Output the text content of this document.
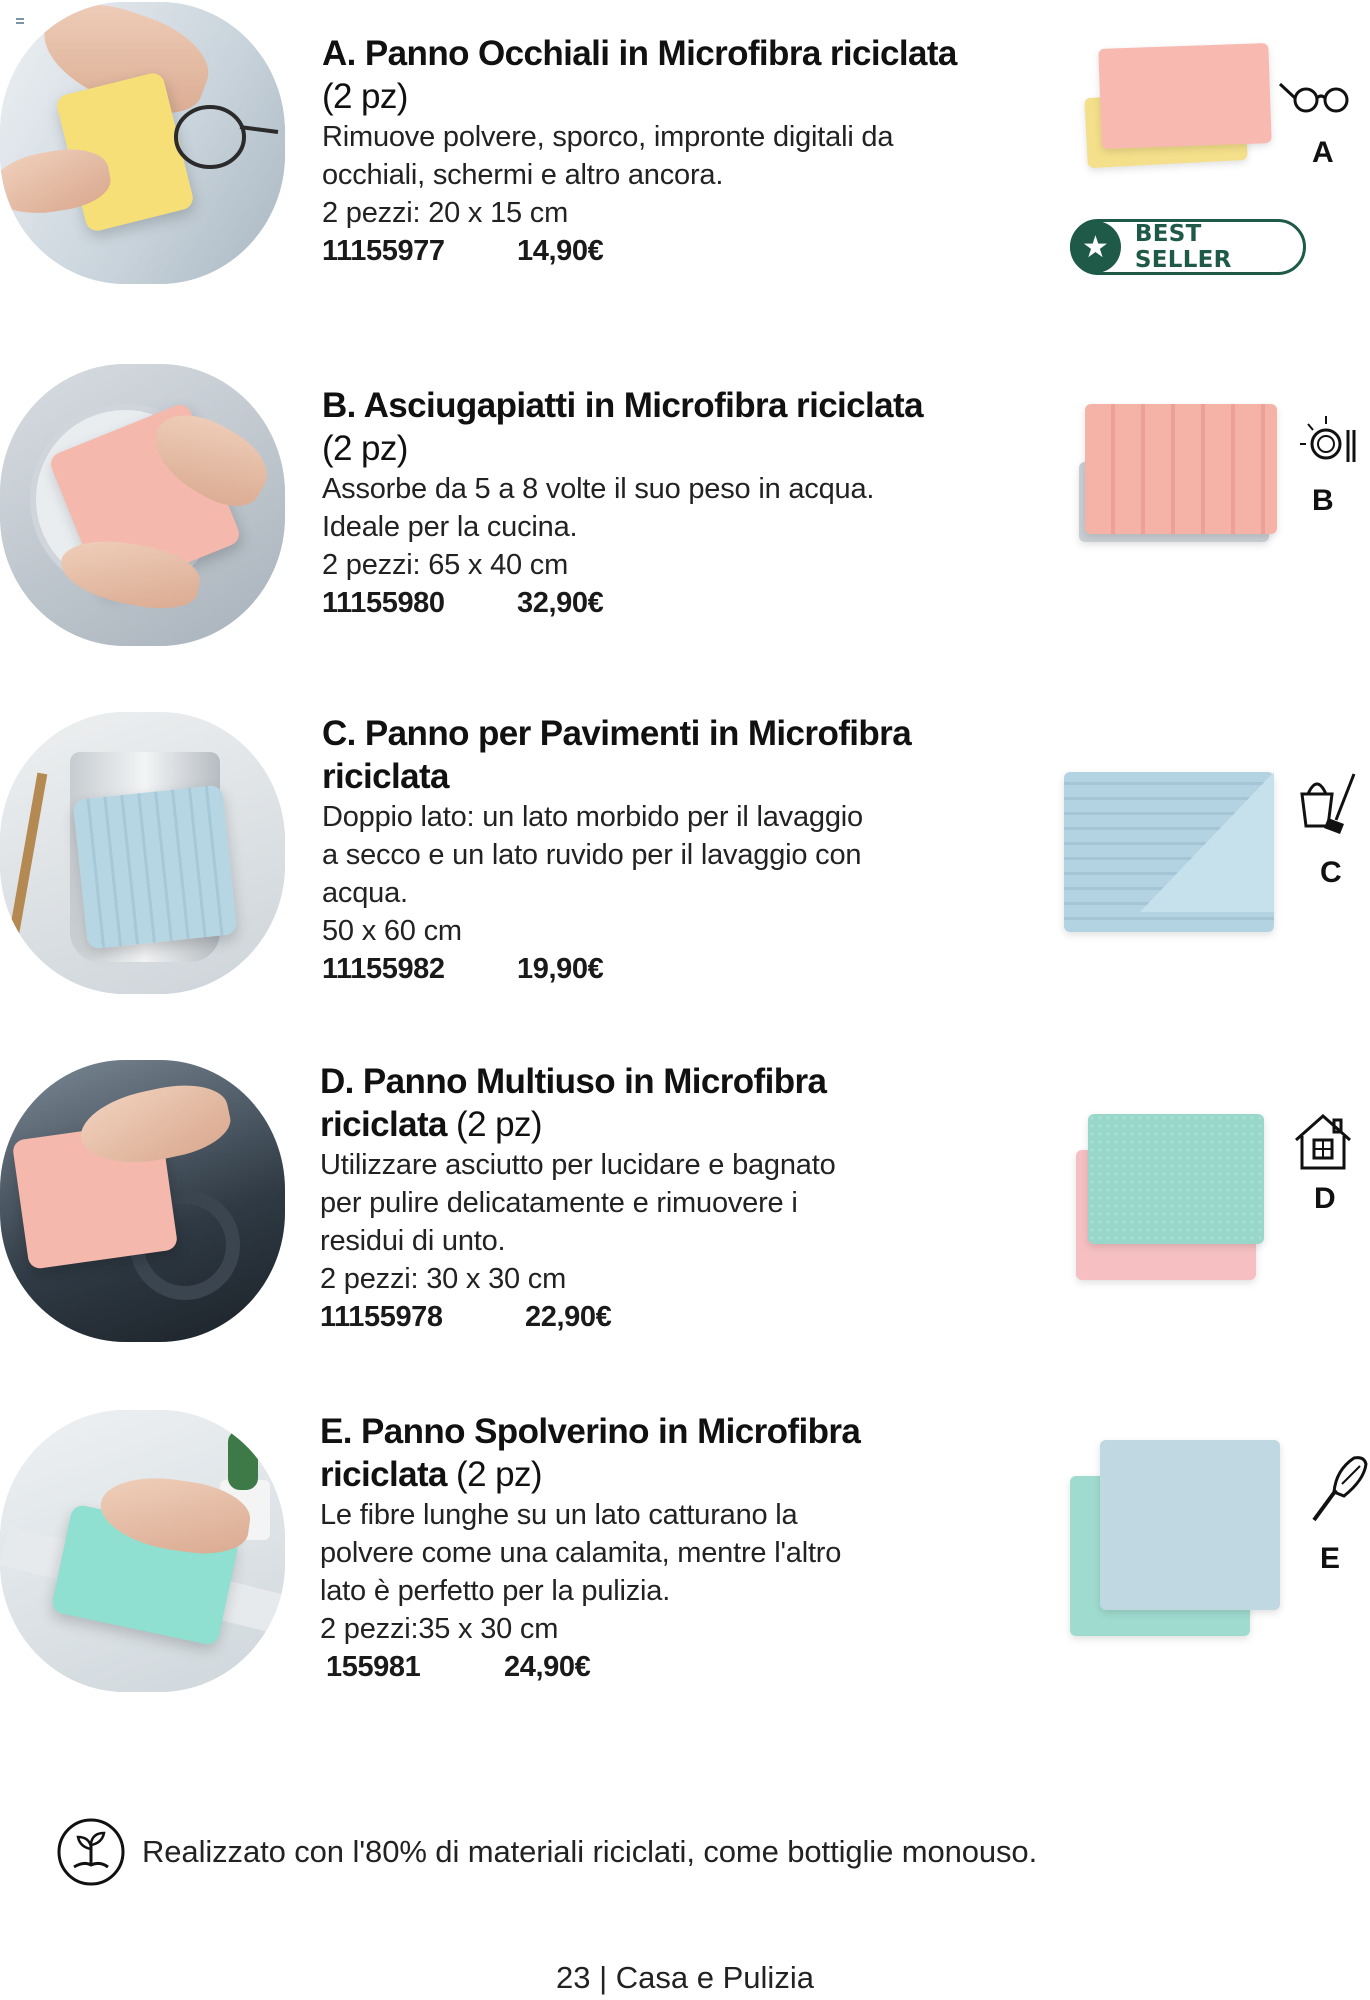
A. Panno Occhiali in Microfibra riciclata
(2 pz)
Rimuove polvere, sporco, impronte digitali da
occhiali, schermi e altro ancora.
2 pezzi: 20 x 15 cm
11155977 14,90€
A
★	BEST SELLER
B. Asciugapiatti in Microfibra riciclata
(2 pz)
Assorbe da 5 a 8 volte il suo peso in acqua.
Ideale per la cucina.
2 pezzi: 65 x 40 cm
11155980 32,90€
B
C. Panno per Pavimenti in Microfibra
riciclata
Doppio lato: un lato morbido per il lavaggio
a secco e un lato ruvido per il lavaggio con
acqua.
50 x 60 cm
11155982 19,90€
C
D. Panno Multiuso in Microfibra
riciclata (2 pz)
Utilizzare asciutto per lucidare e bagnato
per pulire delicatamente e rimuovere i
residui di unto.
2 pezzi: 30 x 30 cm
11155978	22,90€
D
E. Panno Spolverino in Microfibra
riciclata (2 pz)
Le fibre lunghe su un lato catturano la
polvere come una calamita, mentre l'altro
lato è perfetto per la pulizia.
2 pezzi:35 x 30 cm
155981	24,90€
E
Realizzato con l'80% di materiali riciclati, come bottiglie monouso.
23 | Casa e Pulizia
